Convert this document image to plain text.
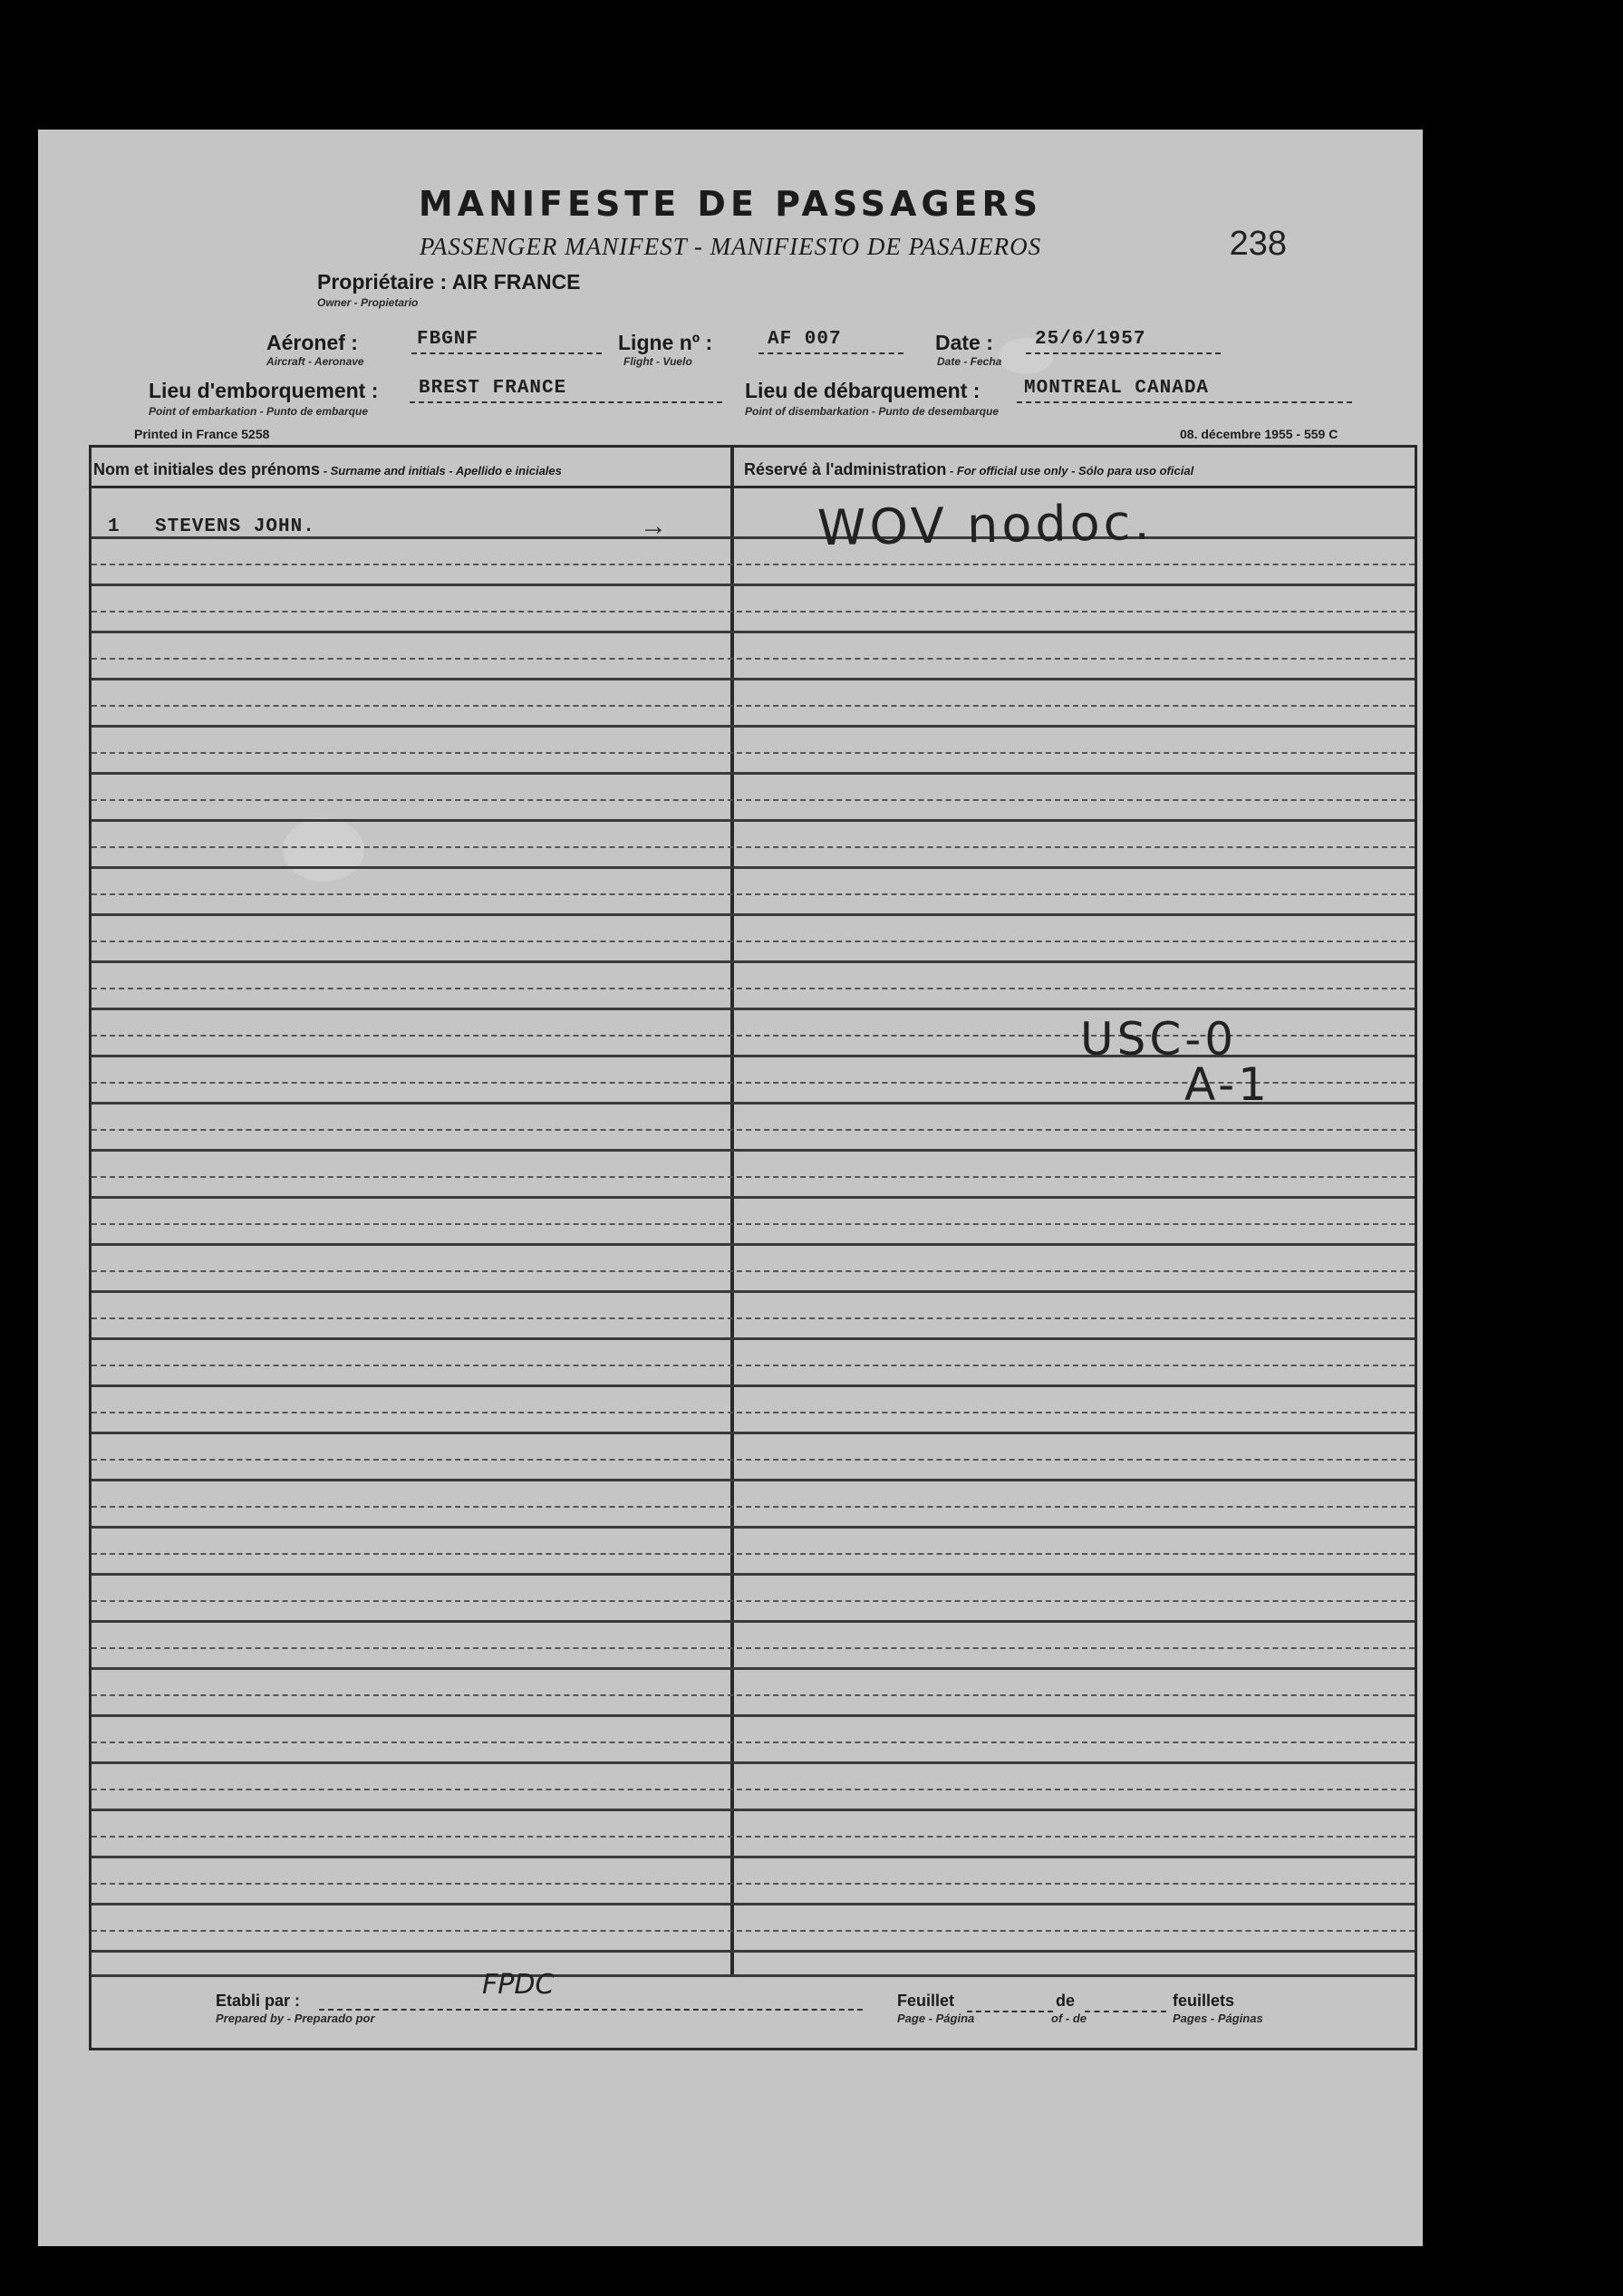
MANIFESTE DE PASSAGERS
PASSENGER MANIFEST - MANIFIESTO DE PASAJEROS	238
Propriétaire : AIR FRANCE
Owner - Propietario
Aéronef :
Aircraft - Aeronave
FBGNF	Ligne nº :
Flight - Vuelo
AF 007	Date :
Date - Fecha
25/6/1957
Lieu d'emborquement :
Point of embarkation - Punto de embarque
BREST FRANCE	Lieu de débarquement :
Point of disembarkation - Punto de desembarque
MONTREAL CANADA
Printed in France 5258	08. décembre 1955 - 559 C
Nom et initiales des prénoms - Surname and initials - Apellido e iniciales	Réservé à l'administration - For official use only - Sólo para uso oficial
1 STEVENS JOHN.	→	WOV nodoc.
USC-0
A-1
Etabli par :
Prepared by - Preparado por
FPDC	Feuillet
Page - Página
de
of - de
feuillets
Pages - Páginas
